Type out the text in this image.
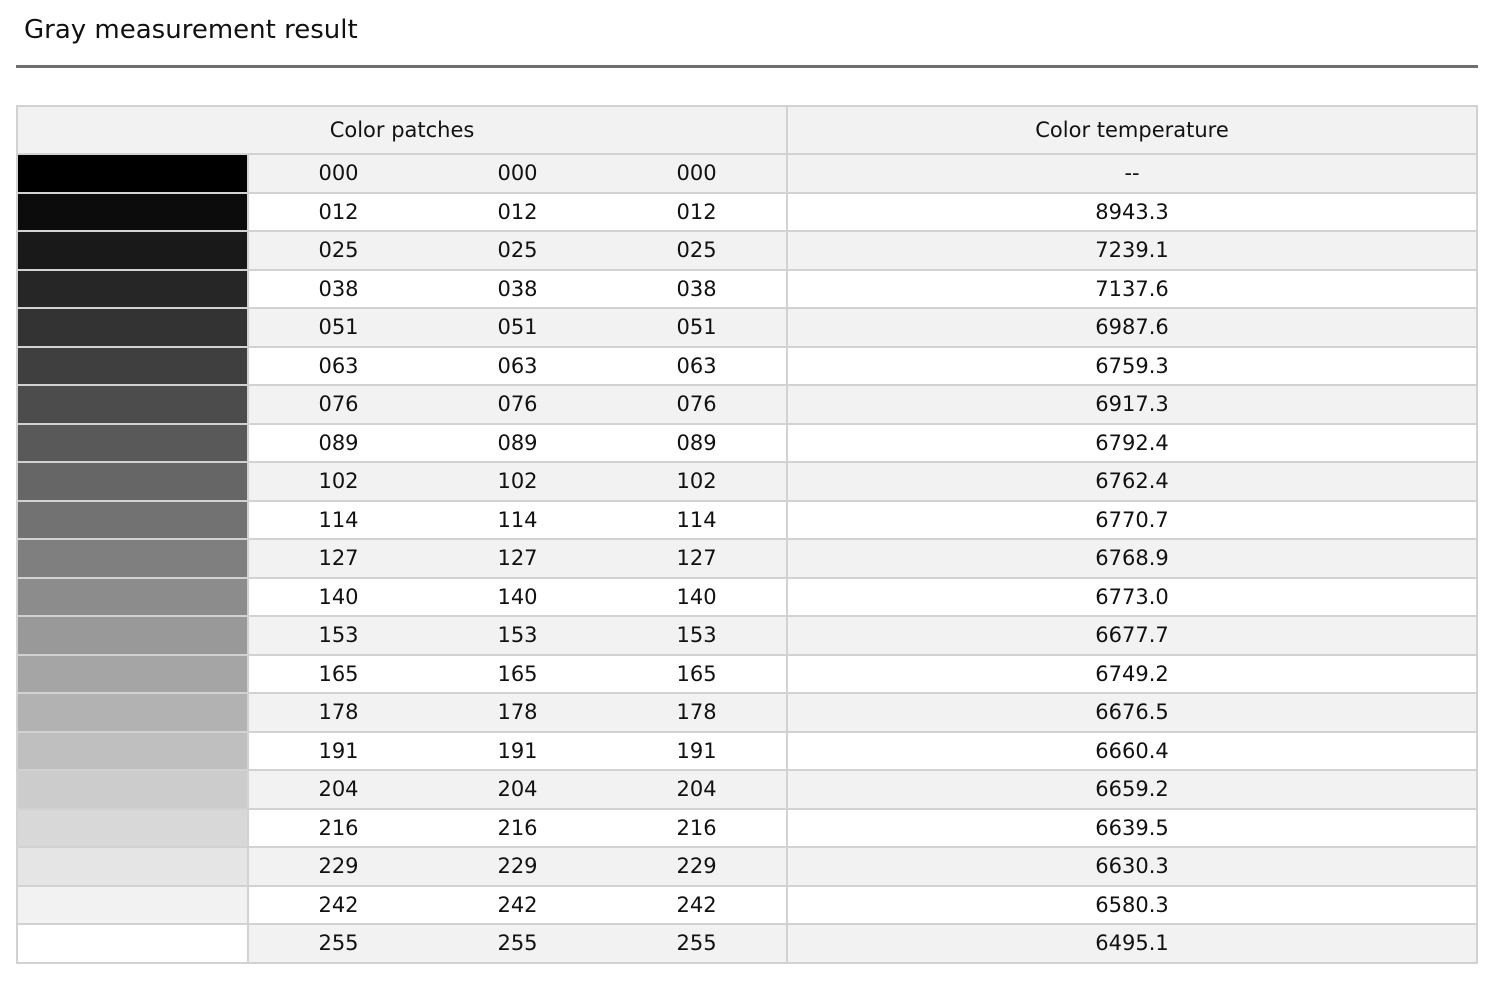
Gray measurement result
Color patches				Color temperature
	000	000	000	--
	012	012	012	8943.3
	025	025	025	7239.1
	038	038	038	7137.6
	051	051	051	6987.6
	063	063	063	6759.3
	076	076	076	6917.3
	089	089	089	6792.4
	102	102	102	6762.4
	114	114	114	6770.7
	127	127	127	6768.9
	140	140	140	6773.0
	153	153	153	6677.7
	165	165	165	6749.2
	178	178	178	6676.5
	191	191	191	6660.4
	204	204	204	6659.2
	216	216	216	6639.5
	229	229	229	6630.3
	242	242	242	6580.3
	255	255	255	6495.1
